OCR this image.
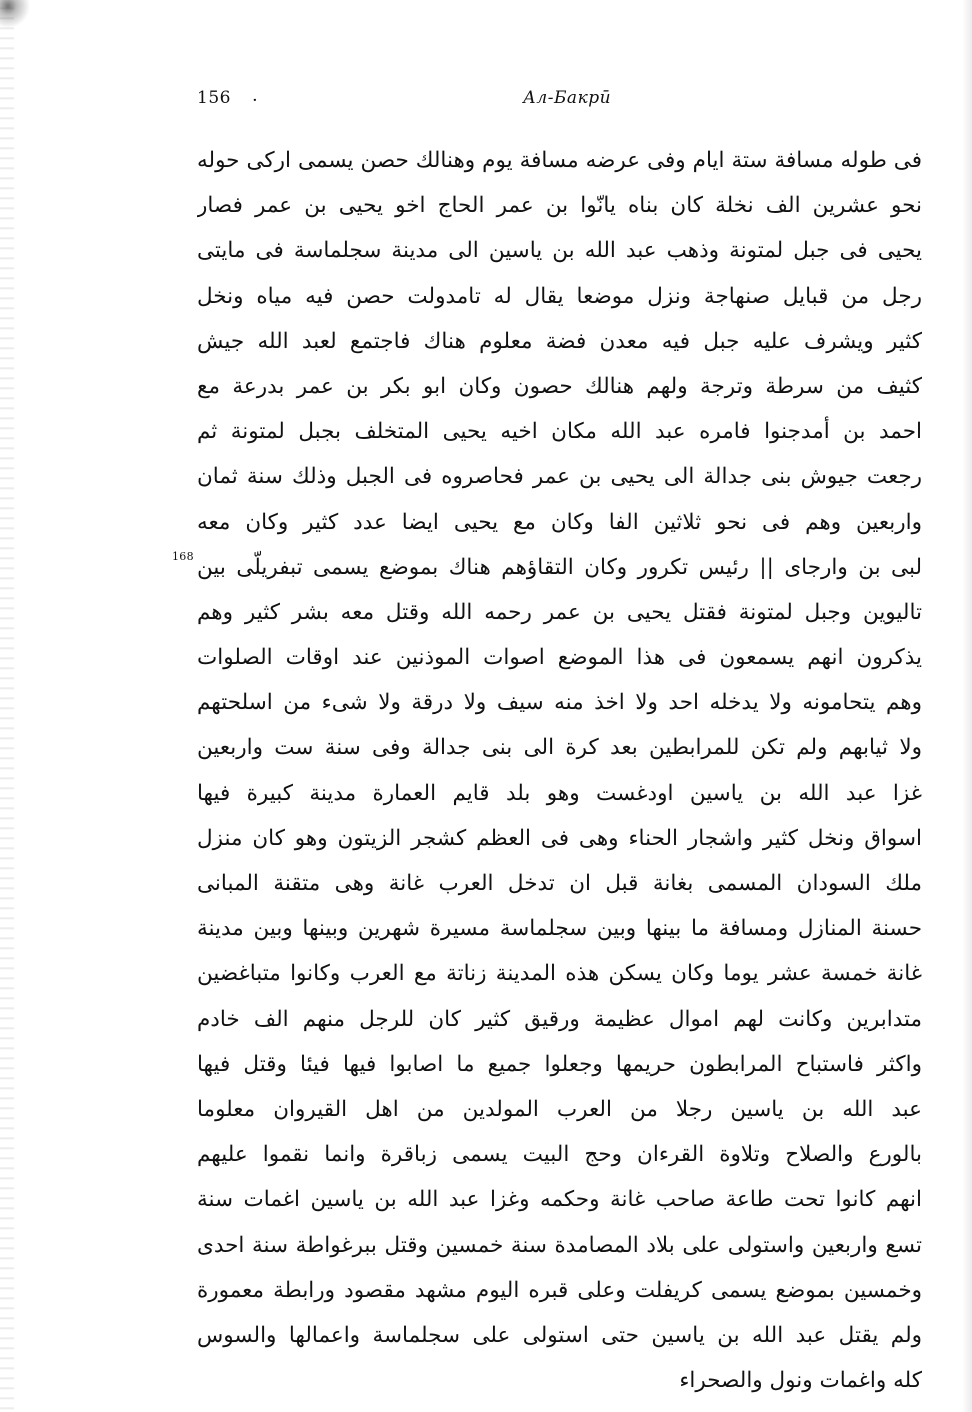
156 ·	Ал-Бакрӣ
168
فى طوله مسافة ستة ايام وفى عرضه مسافة يوم وهنالك حصن يسمى اركى حوله
نحو عشرين الف نخلة كان بناه يانّوا بن عمر الحاج اخو يحيى بن عمر فصار
يحيى فى جبل لمتونة وذهب عبد الله بن ياسين الى مدينة سجلماسة فى مايتى
رجل من قبايل صنهاجة ونزل موضعا يقال له تامدولت حصن فيه مياه ونخل
كثير ويشرف عليه جبل فيه معدن فضة معلوم هناك فاجتمع لعبد الله جيش
كثيف من سرطة وترجة ولهم هنالك حصون وكان ابو بكر بن عمر بدرعة مع
احمد بن أمدجنوا فامره عبد الله مكان اخيه يحيى المتخلف بجبل لمتونة ثم
رجعت جيوش بنى جدالة الى يحيى بن عمر فحاصروه فى الجبل وذلك سنة ثمان
واربعين وهم فى نحو ثلاثين الفا وكان مع يحيى ايضا عدد كثير وكان معه
لبى بن وارجاى || رئيس تكرور وكان التقاؤهم هناك بموضع يسمى تبفريلّى بين
تاليوين وجبل لمتونة فقتل يحيى بن عمر رحمه الله وقتل معه بشر كثير وهم
يذكرون انهم يسمعون فى هذا الموضع اصوات الموذنين عند اوقات الصلوات
وهم يتحامونه ولا يدخله احد ولا اخذ منه سيف ولا درقة ولا شىء من اسلحتهم
ولا ثيابهم ولم تكن للمرابطين بعد كرة الى بنى جدالة وفى سنة ست واربعين
غزا عبد الله بن ياسين اودغست وهو بلد قايم العمارة مدينة كبيرة فيها
اسواق ونخل كثير واشجار الحناء وهى فى العظم كشجر الزيتون وهو كان منزل
ملك السودان المسمى بغانة قبل ان تدخل العرب غانة وهى متقنة المبانى
حسنة المنازل ومسافة ما بينها وبين سجلماسة مسيرة شهرين وبينها وبين مدينة
غانة خمسة عشر يوما وكان يسكن هذه المدينة زناتة مع العرب وكانوا متباغضين
متدابرين وكانت لهم اموال عظيمة ورقيق كثير كان للرجل منهم الف خادم
واكثر فاستباح المرابطون حريمها وجعلوا جميع ما اصابوا فيها فيئا وقتل فيها
عبد الله بن ياسين رجلا من العرب المولدين من اهل القيروان معلوما
بالورع والصلاح وتلاوة القرءان وحج البيت يسمى زباقرة وانما نقموا عليهم
انهم كانوا تحت طاعة صاحب غانة وحكمه وغزا عبد الله بن ياسين اغمات سنة
تسع واربعين واستولى على بلاد المصامدة سنة خمسين وقتل ببرغواطة سنة احدى
وخمسين بموضع يسمى كريفلت وعلى قبره اليوم مشهد مقصود ورابطة معمورة
ولم يقتل عبد الله بن ياسين حتى استولى على سجلماسة واعمالها والسوس
كله واغمات ونول والصحراء
